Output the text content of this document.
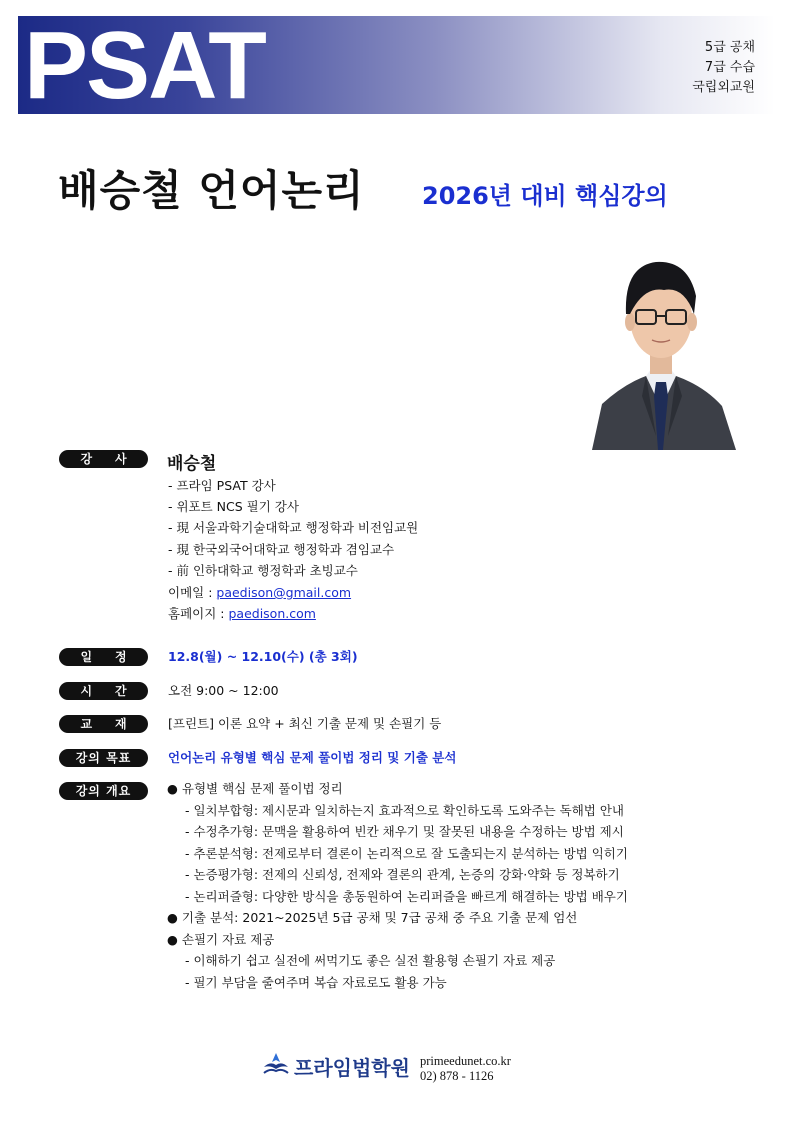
PSAT	5급 공채
7급 수습
국립외교원
배승철 언어논리 2026년 대비 핵심강의
강 사 배승철
- 프라임 PSAT 강사
- 위포트 NCS 필기 강사
- 現 서울과학기술대학교 행정학과 비전임교원
- 現 한국외국어대학교 행정학과 겸임교수
- 前 인하대학교 행정학과 초빙교수
이메일 : paedison@gmail.com
홈페이지 : paedison.com
일 정	12.8(월) ~ 12.10(수) (총 3회)
시 간	오전 9:00 ~ 12:00
교 재	[프린트] 이론 요약 + 최신 기출 문제 및 손필기 등
강의 목표	언어논리 유형별 핵심 문제 풀이법 정리 및 기출 분석
강의 개요	● 유형별 핵심 문제 풀이법 정리
- 일치부합형: 제시문과 일치하는지 효과적으로 확인하도록 도와주는 독해법 안내
- 수정추가형: 문맥을 활용하여 빈칸 채우기 및 잘못된 내용을 수정하는 방법 제시
- 추론분석형: 전제로부터 결론이 논리적으로 잘 도출되는지 분석하는 방법 익히기
- 논증평가형: 전제의 신뢰성, 전제와 결론의 관계, 논증의 강화·약화 등 정복하기
- 논리퍼즐형: 다양한 방식을 총동원하여 논리퍼즐을 빠르게 해결하는 방법 배우기
● 기출 분석: 2021~2025년 5급 공채 및 7급 공채 중 주요 기출 문제 엄선
● 손필기 자료 제공
- 이해하기 쉽고 실전에 써먹기도 좋은 실전 활용형 손필기 자료 제공
- 필기 부담을 줄여주며 복습 자료로도 활용 가능
프라임법학원 primeedunet.co.kr
02) 878 - 1126
